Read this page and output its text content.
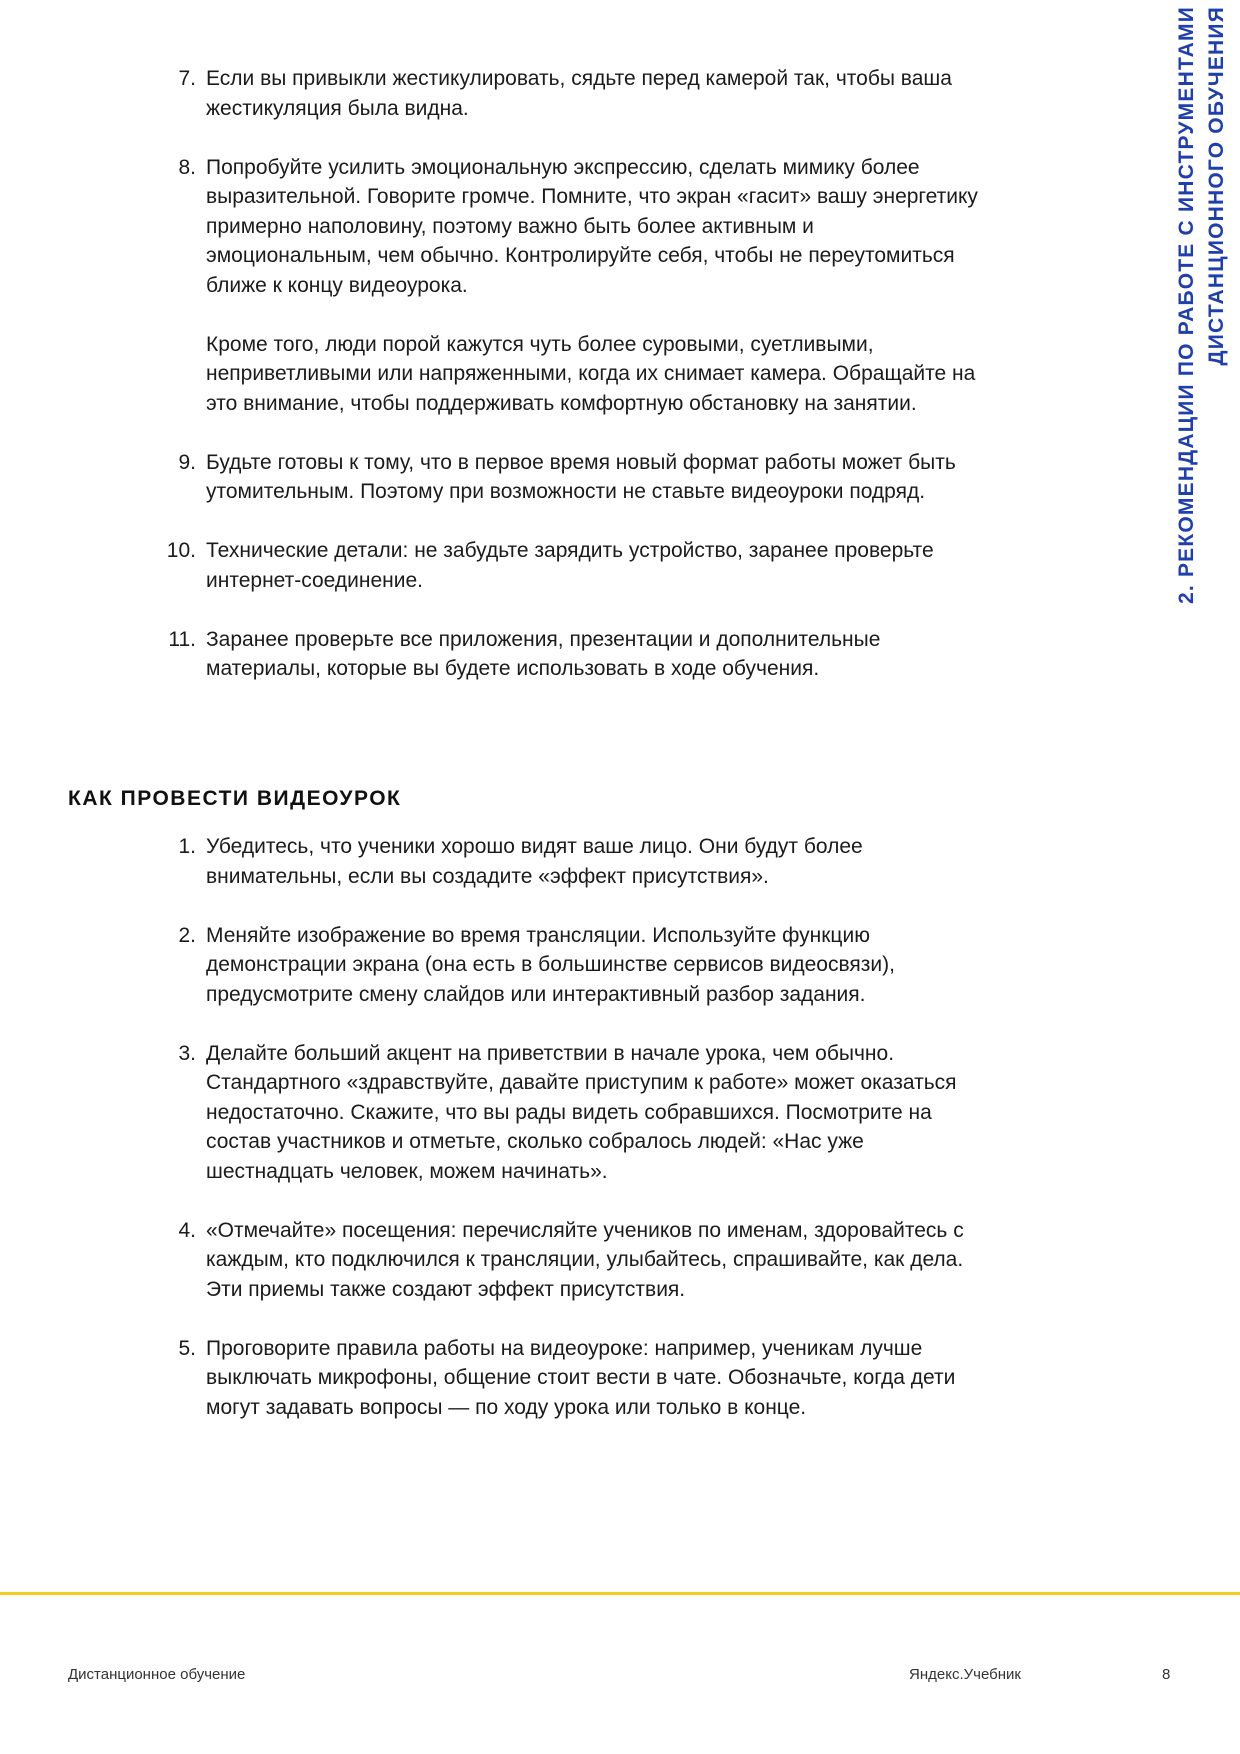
7. Если вы привыкли жестикулировать, сядьте перед камерой так, чтобы ваша жестикуляция была видна.
8. Попробуйте усилить эмоциональную экспрессию, сделать мимику более выразительной. Говорите громче. Помните, что экран «гасит» вашу энергетику примерно наполовину, поэтому важно быть более активным и эмоциональным, чем обычно. Контролируйте себя, чтобы не переутомиться ближе к концу видеоурока.
Кроме того, люди порой кажутся чуть более суровыми, суетливыми, неприветливыми или напряженными, когда их снимает камера. Обращайте на это внимание, чтобы поддерживать комфортную обстановку на занятии.
9. Будьте готовы к тому, что в первое время новый формат работы может быть утомительным. Поэтому при возможности не ставьте видеоуроки подряд.
10. Технические детали: не забудьте зарядить устройство, заранее проверьте интернет-соединение.
11. Заранее проверьте все приложения, презентации и дополнительные материалы, которые вы будете использовать в ходе обучения.
КАК ПРОВЕСТИ ВИДЕОУРОК
1. Убедитесь, что ученики хорошо видят ваше лицо. Они будут более внимательны, если вы создадите «эффект присутствия».
2. Меняйте изображение во время трансляции. Используйте функцию демонстрации экрана (она есть в большинстве сервисов видеосвязи), предусмотрите смену слайдов или интерактивный разбор задания.
3. Делайте больший акцент на приветствии в начале урока, чем обычно. Стандартного «здравствуйте, давайте приступим к работе» может оказаться недостаточно. Скажите, что вы рады видеть собравшихся. Посмотрите на состав участников и отметьте, сколько собралось людей: «Нас уже шестнадцать человек, можем начинать».
4. «Отмечайте» посещения: перечисляйте учеников по именам, здоровайтесь с каждым, кто подключился к трансляции, улыбайтесь, спрашивайте, как дела. Эти приемы также создают эффект присутствия.
5. Проговорите правила работы на видеоуроке: например, ученикам лучше выключать микрофоны, общение стоит вести в чате. Обозначьте, когда дети могут задавать вопросы — по ходу урока или только в конце.
2. РЕКОМЕНДАЦИИ ПО РАБОТЕ С ИНСТРУМЕНТАМИ ДИСТАНЦИОННОГО ОБУЧЕНИЯ
Дистанционное обучение	Яндекс.Учебник	8
